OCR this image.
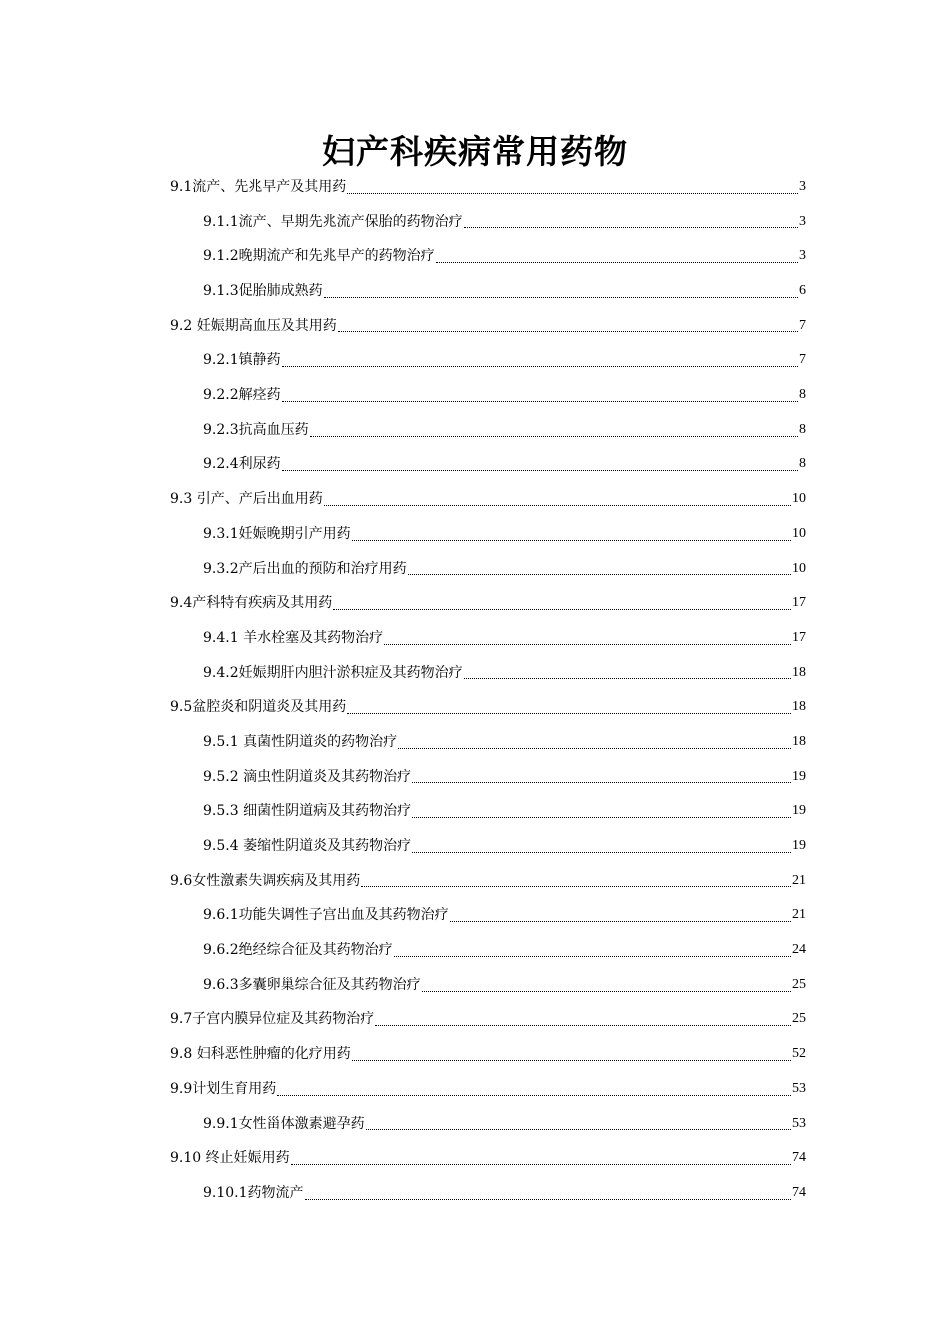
妇产科疾病常用药物
9.1流产、先兆早产及其用药	3
9.1.1流产、早期先兆流产保胎的药物治疗	3
9.1.2晚期流产和先兆早产的药物治疗	3
9.1.3促胎肺成熟药	6
9.2 妊娠期高血压及其用药	7
9.2.1镇静药	7
9.2.2解痉药	8
9.2.3抗高血压药	8
9.2.4利尿药	8
9.3 引产、产后出血用药	10
9.3.1妊娠晚期引产用药	10
9.3.2产后出血的预防和治疗用药	10
9.4产科特有疾病及其用药	17
9.4.1 羊水栓塞及其药物治疗	17
9.4.2妊娠期肝内胆汁淤积症及其药物治疗	18
9.5盆腔炎和阴道炎及其用药	18
9.5.1 真菌性阴道炎的药物治疗	18
9.5.2 滴虫性阴道炎及其药物治疗	19
9.5.3 细菌性阴道病及其药物治疗	19
9.5.4 萎缩性阴道炎及其药物治疗	19
9.6女性激素失调疾病及其用药	21
9.6.1功能失调性子宫出血及其药物治疗	21
9.6.2绝经综合征及其药物治疗	24
9.6.3多囊卵巢综合征及其药物治疗	25
9.7子宫内膜异位症及其药物治疗	25
9.8 妇科恶性肿瘤的化疗用药	52
9.9计划生育用药	53
9.9.1女性甾体激素避孕药	53
9.10 终止妊娠用药	74
9.10.1药物流产	74
